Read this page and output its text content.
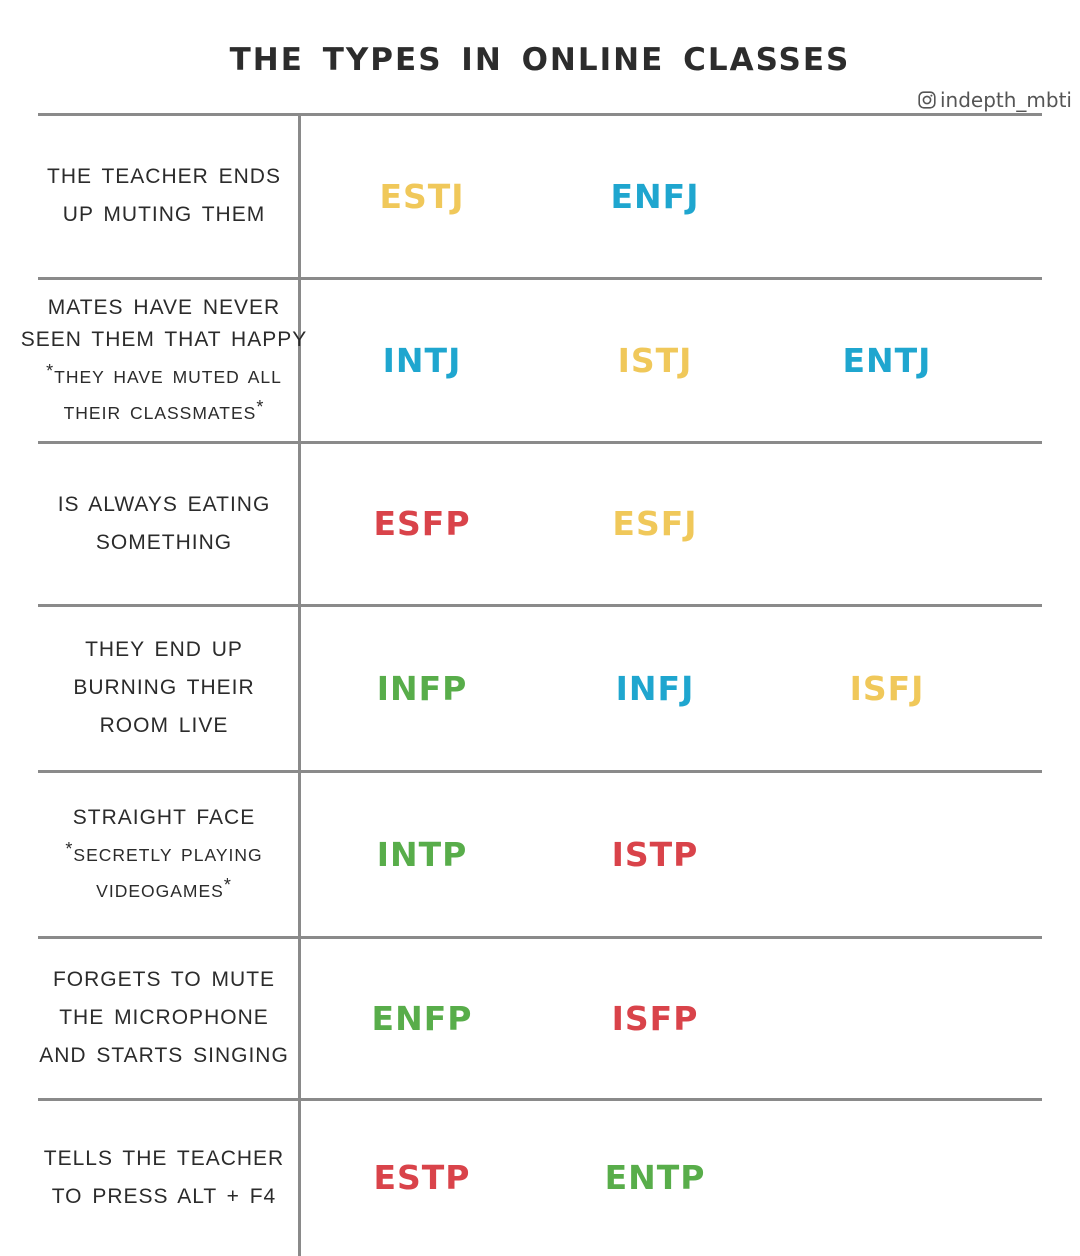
THE TYPES IN ONLINE CLASSES
indepth_mbti
THE TEACHER ENDS
UP MUTING THEM	ESTJ	ENFJ
MATES HAVE NEVER
SEEN THEM THAT HAPPY
*THEY HAVE MUTED ALL
THEIR CLASSMATES*
INTJ	ISTJ	ENTJ
IS ALWAYS EATING
SOMETHING	ESFP	ESFJ
THEY END UP
BURNING THEIR
ROOM LIVE
INFP	INFJ	ISFJ
STRAIGHT FACE
*SECRETLY PLAYING
VIDEOGAMES*
INTP	ISTP
FORGETS TO MUTE
THE MICROPHONE
AND STARTS SINGING
ENFP	ISFP
TELLS THE TEACHER
TO PRESS ALT + F4	ESTP	ENTP
